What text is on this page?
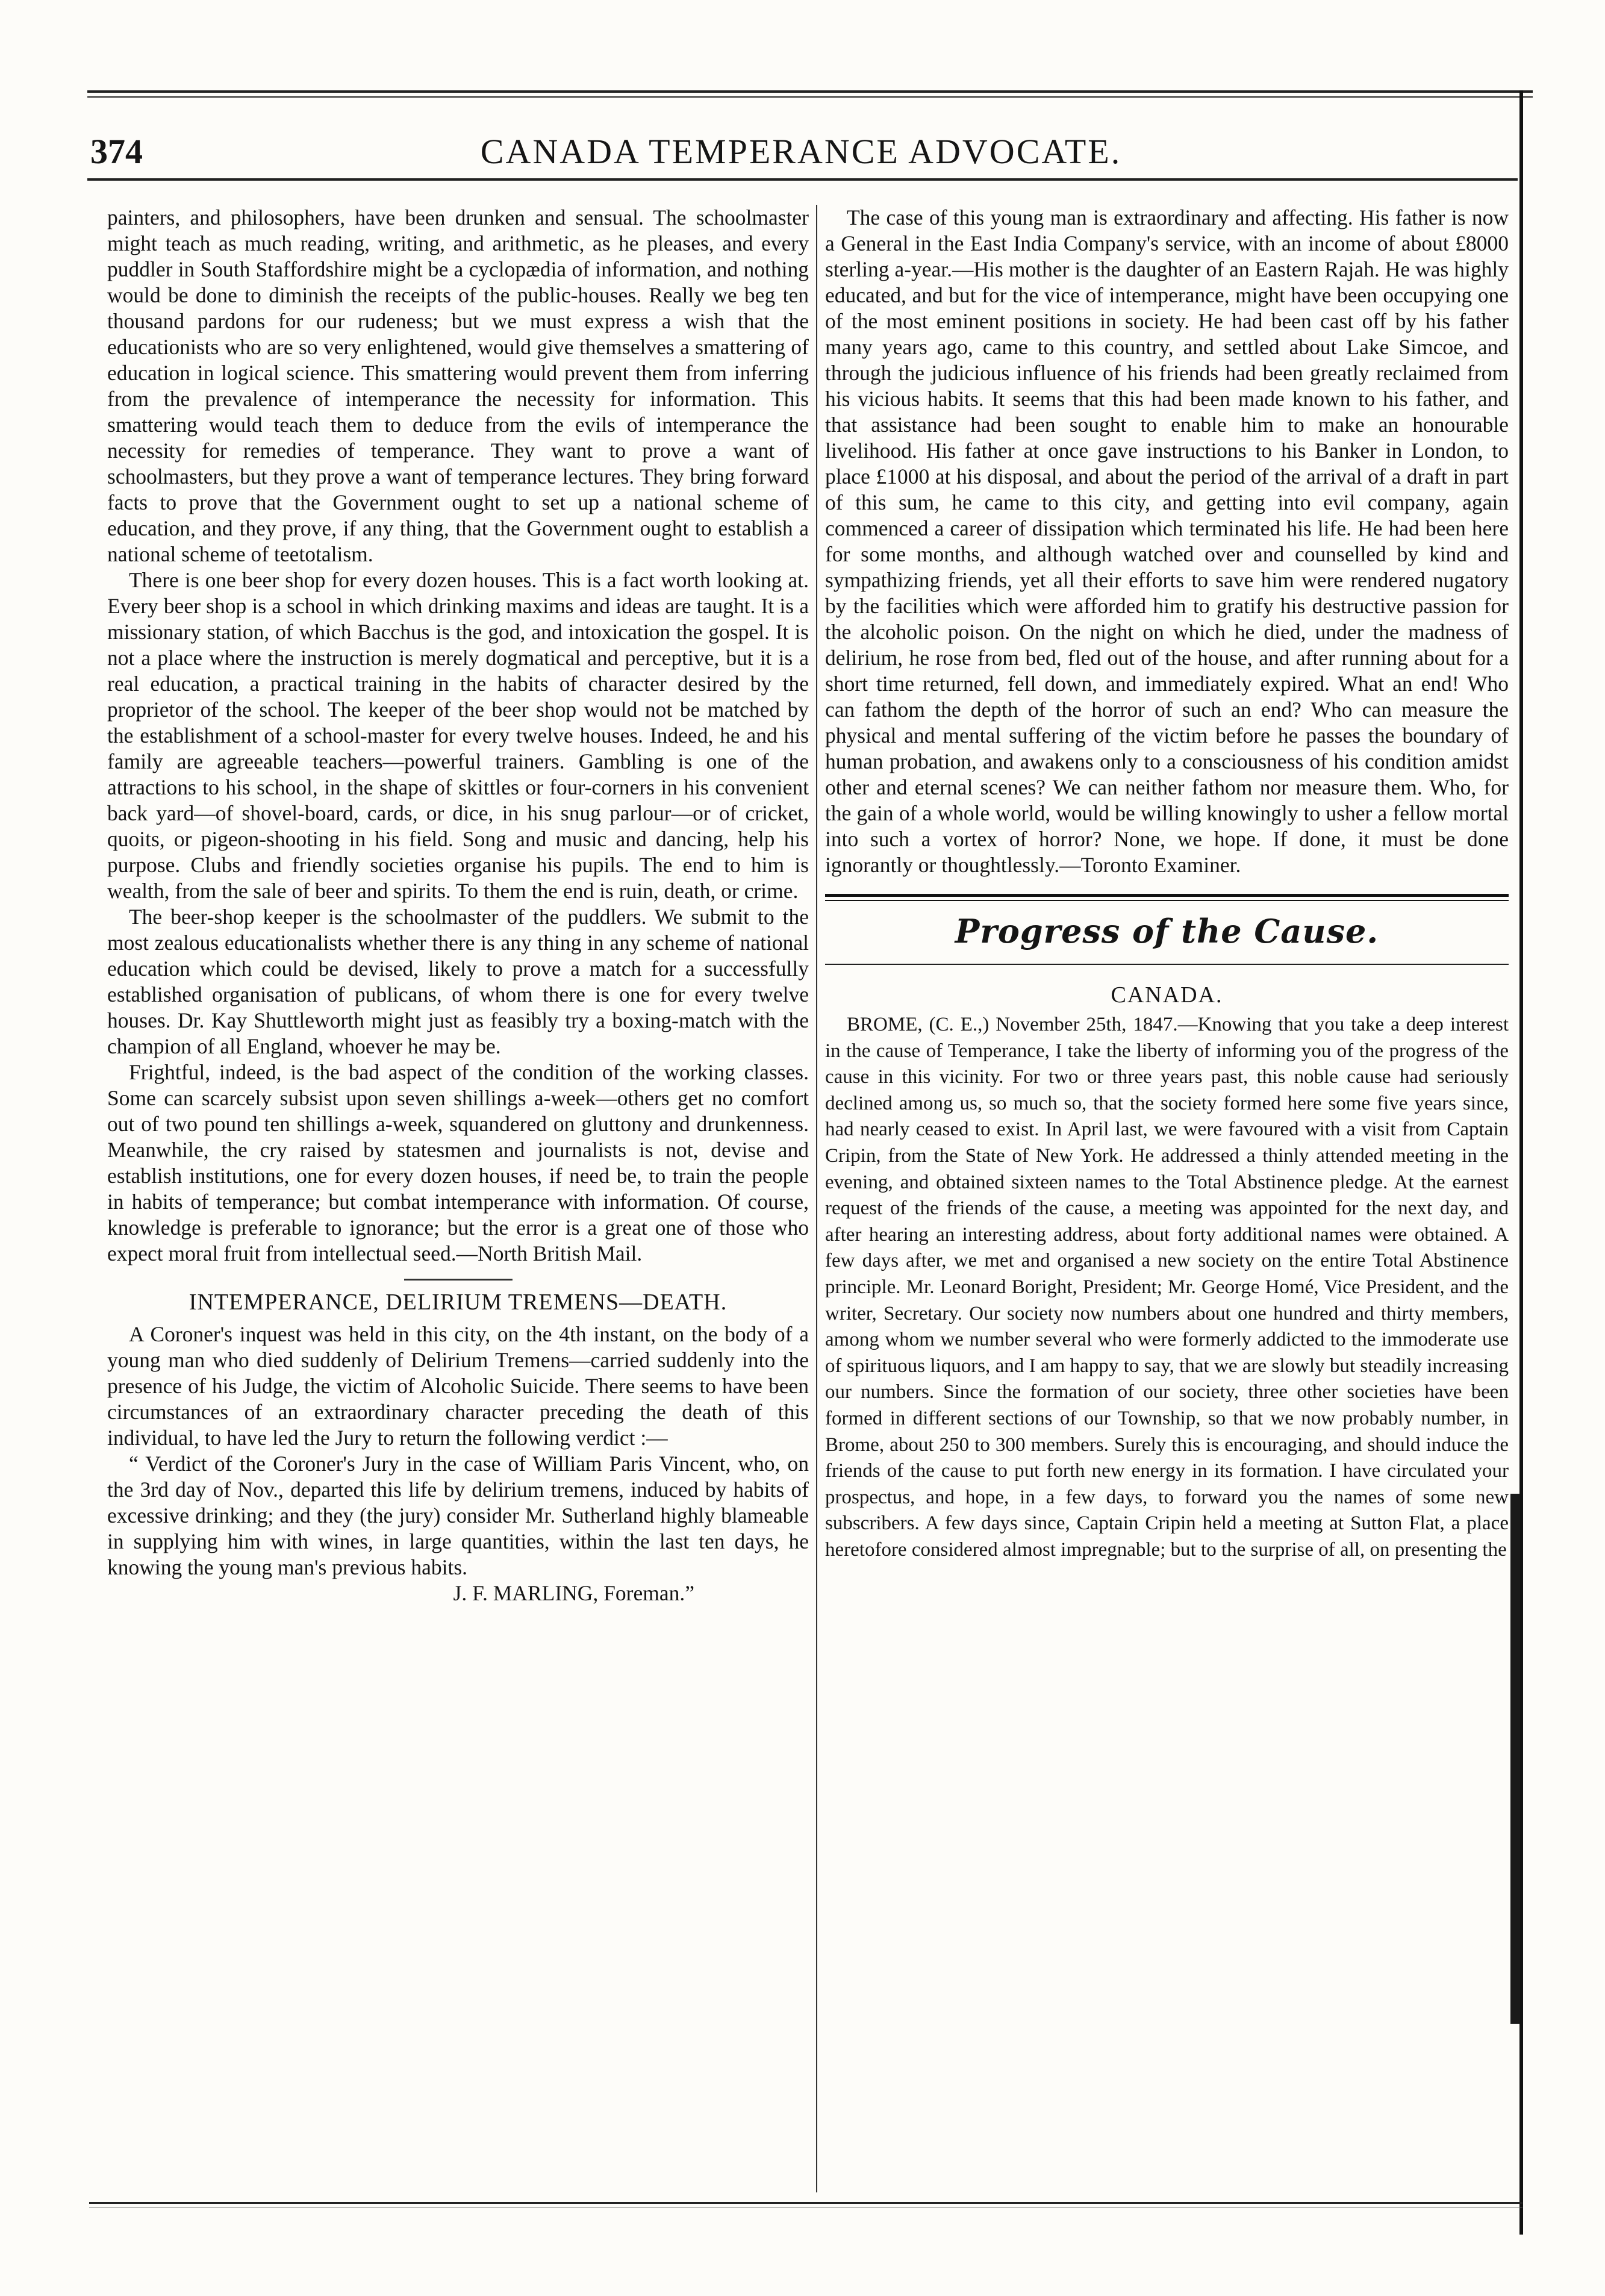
374	CANADA TEMPERANCE ADVOCATE.

painters, and philosophers, have been drunken and sensual. The schoolmaster might teach as much reading, writing, and arithmetic, as he pleases, and every puddler in South Staffordshire might be a cyclopædia of information, and nothing would be done to diminish the receipts of the public-houses. Really we beg ten thousand pardons for our rudeness; but we must express a wish that the educationists who are so very enlightened, would give themselves a smattering of education in logical science. This smattering would prevent them from inferring from the prevalence of intemperance the necessity for information. This smattering would teach them to deduce from the evils of intemperance the necessity for remedies of temperance. They want to prove a want of schoolmasters, but they prove a want of temperance lectures. They bring forward facts to prove that the Government ought to set up a national scheme of education, and they prove, if any thing, that the Government ought to establish a national scheme of teetotalism.

There is one beer shop for every dozen houses. This is a fact worth looking at. Every beer shop is a school in which drinking maxims and ideas are taught. It is a missionary station, of which Bacchus is the god, and intoxication the gospel. It is not a place where the instruction is merely dogmatical and perceptive, but it is a real education, a practical training in the habits of character desired by the proprietor of the school. The keeper of the beer shop would not be matched by the establishment of a school-master for every twelve houses. Indeed, he and his family are agreeable teachers—powerful trainers. Gambling is one of the attractions to his school, in the shape of skittles or four-corners in his convenient back yard—of shovel-board, cards, or dice, in his snug parlour—or of cricket, quoits, or pigeon-shooting in his field. Song and music and dancing, help his purpose. Clubs and friendly societies organise his pupils. The end to him is wealth, from the sale of beer and spirits. To them the end is ruin, death, or crime.

The beer-shop keeper is the schoolmaster of the puddlers. We submit to the most zealous educationalists whether there is any thing in any scheme of national education which could be devised, likely to prove a match for a successfully established organisation of publicans, of whom there is one for every twelve houses. Dr. Kay Shuttleworth might just as feasibly try a boxing-match with the champion of all England, whoever he may be.

Frightful, indeed, is the bad aspect of the condition of the working classes. Some can scarcely subsist upon seven shillings a-week—others get no comfort out of two pound ten shillings a-week, squandered on gluttony and drunkenness. Meanwhile, the cry raised by statesmen and journalists is not, devise and establish institutions, one for every dozen houses, if need be, to train the people in habits of temperance; but combat intemperance with information. Of course, knowledge is preferable to ignorance; but the error is a great one of those who expect moral fruit from intellectual seed.—North British Mail.

INTEMPERANCE, DELIRIUM TREMENS—DEATH.

A Coroner's inquest was held in this city, on the 4th instant, on the body of a young man who died suddenly of Delirium Tremens—carried suddenly into the presence of his Judge, the victim of Alcoholic Suicide. There seems to have been circumstances of an extraordinary character preceding the death of this individual, to have led the Jury to return the following verdict :—

“ Verdict of the Coroner's Jury in the case of William Paris Vincent, who, on the 3rd day of Nov., departed this life by delirium tremens, induced by habits of excessive drinking; and they (the jury) consider Mr. Sutherland highly blameable in supplying him with wines, in large quantities, within the last ten days, he knowing the young man's previous habits.

J. F. MARLING, Foreman.”

The case of this young man is extraordinary and affecting. His father is now a General in the East India Company's service, with an income of about £8000 sterling a-year.—His mother is the daughter of an Eastern Rajah. He was highly educated, and but for the vice of intemperance, might have been occupying one of the most eminent positions in society. He had been cast off by his father many years ago, came to this country, and settled about Lake Simcoe, and through the judicious influence of his friends had been greatly reclaimed from his vicious habits. It seems that this had been made known to his father, and that assistance had been sought to enable him to make an honourable livelihood. His father at once gave instructions to his Banker in London, to place £1000 at his disposal, and about the period of the arrival of a draft in part of this sum, he came to this city, and getting into evil company, again commenced a career of dissipation which terminated his life. He had been here for some months, and although watched over and counselled by kind and sympathizing friends, yet all their efforts to save him were rendered nugatory by the facilities which were afforded him to gratify his destructive passion for the alcoholic poison. On the night on which he died, under the madness of delirium, he rose from bed, fled out of the house, and after running about for a short time returned, fell down, and immediately expired. What an end! Who can fathom the depth of the horror of such an end? Who can measure the physical and mental suffering of the victim before he passes the boundary of human probation, and awakens only to a consciousness of his condition amidst other and eternal scenes? We can neither fathom nor measure them. Who, for the gain of a whole world, would be willing knowingly to usher a fellow mortal into such a vortex of horror? None, we hope. If done, it must be done ignorantly or thoughtlessly.—Toronto Examiner.

Progress of the Cause.
CANADA.

BROME, (C. E.,) November 25th, 1847.—Knowing that you take a deep interest in the cause of Temperance, I take the liberty of informing you of the progress of the cause in this vicinity. For two or three years past, this noble cause had seriously declined among us, so much so, that the society formed here some five years since, had nearly ceased to exist. In April last, we were favoured with a visit from Captain Cripin, from the State of New York. He addressed a thinly attended meeting in the evening, and obtained sixteen names to the Total Abstinence pledge. At the earnest request of the friends of the cause, a meeting was appointed for the next day, and after hearing an interesting address, about forty additional names were obtained. A few days after, we met and organised a new society on the entire Total Abstinence principle. Mr. Leonard Boright, President; Mr. George Homé, Vice President, and the writer, Secretary. Our society now numbers about one hundred and thirty members, among whom we number several who were formerly addicted to the immoderate use of spirituous liquors, and I am happy to say, that we are slowly but steadily increasing our numbers. Since the formation of our society, three other societies have been formed in different sections of our Township, so that we now probably number, in Brome, about 250 to 300 members. Surely this is encouraging, and should induce the friends of the cause to put forth new energy in its formation. I have circulated your prospectus, and hope, in a few days, to forward you the names of some new subscribers. A few days since, Captain Cripin held a meeting at Sutton Flat, a place heretofore considered almost impregnable; but to the surprise of all, on presenting the
